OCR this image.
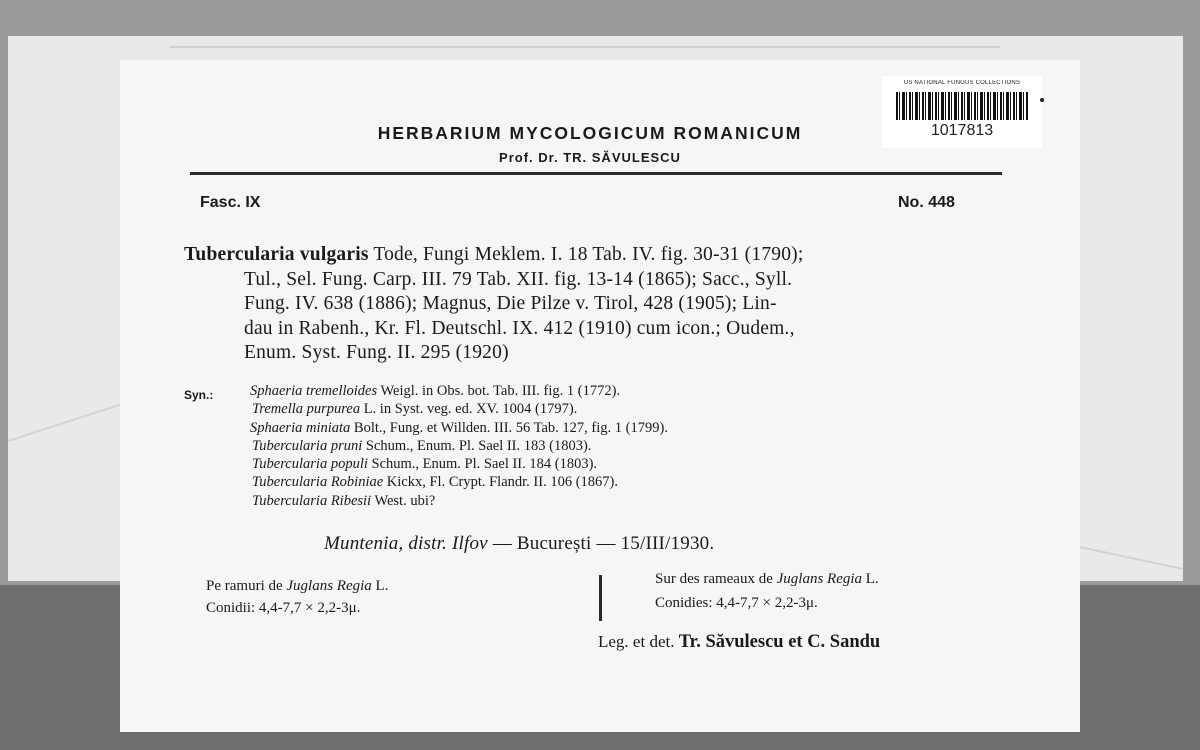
US NATIONAL FUNGUS COLLECTIONS
1017813
HERBARIUM MYCOLOGICUM ROMANICUM
Prof. Dr. TR. SĂVULESCU
Fasc. IX	No. 448
Tubercularia vulgaris Tode, Fungi Meklem. I. 18 Tab. IV. fig. 30-31 (1790);
Tul., Sel. Fung. Carp. III. 79 Tab. XII. fig. 13-14 (1865); Sacc., Syll.
Fung. IV. 638 (1886); Magnus, Die Pilze v. Tirol, 428 (1905); Lin-
dau in Rabenh., Kr. Fl. Deutschl. IX. 412 (1910) cum icon.; Oudem.,
Enum. Syst. Fung. II. 295 (1920)
Syn.:	Sphaeria tremelloides Weigl. in Obs. bot. Tab. III. fig. 1 (1772).
Tremella purpurea L. in Syst. veg. ed. XV. 1004 (1797).
Sphaeria miniata Bolt., Fung. et Willden. III. 56 Tab. 127, fig. 1 (1799).
Tubercularia pruni Schum., Enum. Pl. Sael II. 183 (1803).
Tubercularia populi Schum., Enum. Pl. Sael II. 184 (1803).
Tubercularia Robiniae Kickx, Fl. Crypt. Flandr. II. 106 (1867).
Tubercularia Ribesii West. ubi?
Muntenia, distr. Ilfov — București — 15/III/1930.
Pe ramuri de Juglans Regia L.
Conidii: 4,4-7,7 × 2,2-3μ.
Sur des rameaux de Juglans Regia L.
Conidies: 4,4-7,7 × 2,2-3μ.
Leg. et det. Tr. Săvulescu et C. Sandu
